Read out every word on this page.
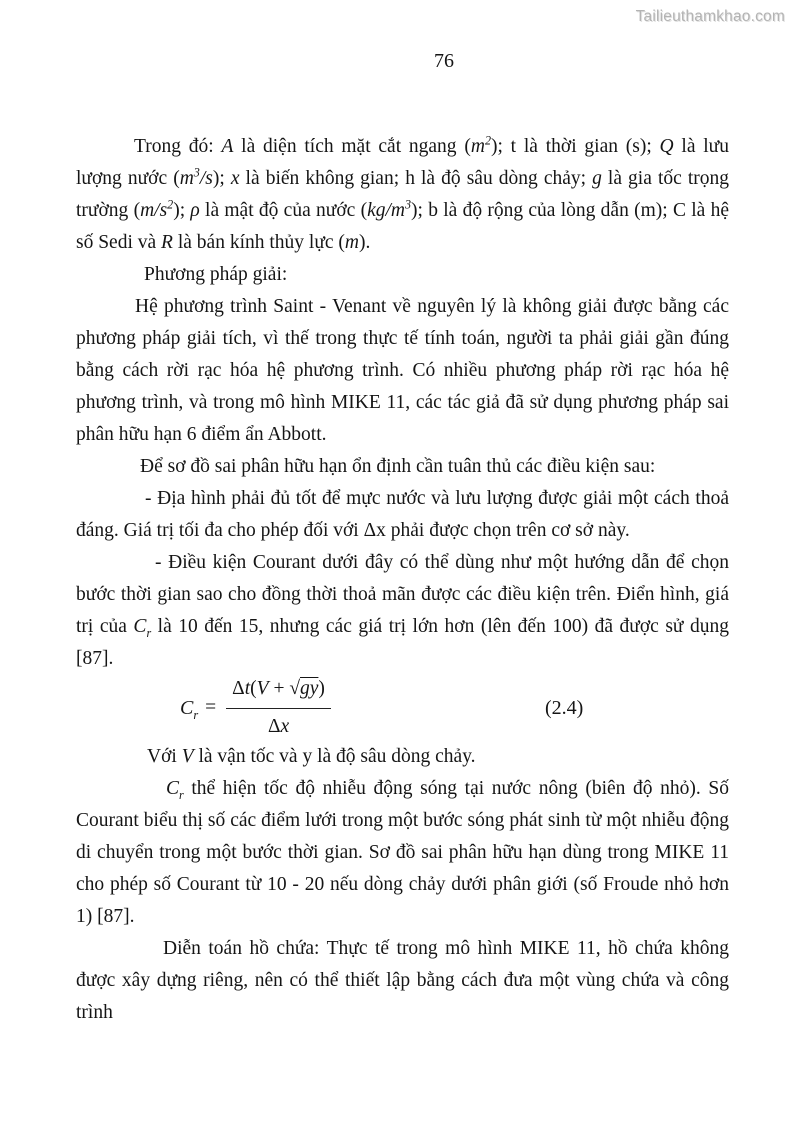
Tailieuthamkhao.com
76

Trong đó: A là diện tích mặt cắt ngang $(m^2)$; t là thời gian (s); Q là lưu lượng nước $(m^3/s)$; x là biến không gian; h là độ sâu dòng chảy; g là gia tốc trọng trường $(m/s^2)$; ρ là mật độ của nước $(kg/m^3)$; b là độ rộng của lòng dẫn (m); C là hệ số Sedi và R là bán kính thủy lực (m).

Phương pháp giải:

Hệ phương trình Saint - Venant về nguyên lý là không giải được bằng các phương pháp giải tích, vì thế trong thực tế tính toán, người ta phải giải gần đúng bằng cách rời rạc hóa hệ phương trình. Có nhiều phương pháp rời rạc hóa hệ phương trình, và trong mô hình MIKE 11, các tác giả đã sử dụng phương pháp sai phân hữu hạn 6 điểm ẩn Abbott.

Để sơ đồ sai phân hữu hạn ổn định cần tuân thủ các điều kiện sau:

- Địa hình phải đủ tốt để mực nước và lưu lượng được giải một cách thoả đáng. Giá trị tối đa cho phép đối với Δx phải được chọn trên cơ sở này.

- Điều kiện Courant dưới đây có thể dùng như một hướng dẫn để chọn bước thời gian sao cho đồng thời thoả mãn được các điều kiện trên. Điển hình, giá trị của $C_r$ là 10 đến 15, nhưng các giá trị lớn hơn (lên đến 100) đã được sử dụng [87].

$C_r = \frac{\Delta t(V + √gy)}{\Delta x}$	(2.4)

Với V là vận tốc và y là độ sâu dòng chảy.

$C_r$ thể hiện tốc độ nhiễu động sóng tại nước nông (biên độ nhỏ). Số Courant biểu thị số các điểm lưới trong một bước sóng phát sinh từ một nhiễu động di chuyển trong một bước thời gian. Sơ đồ sai phân hữu hạn dùng trong MIKE 11 cho phép số Courant từ 10 - 20 nếu dòng chảy dưới phân giới (số Froude nhỏ hơn 1) [87].

Diễn toán hồ chứa: Thực tế trong mô hình MIKE 11, hồ chứa không được xây dựng riêng, nên có thể thiết lập bằng cách đưa một vùng chứa và công trình
